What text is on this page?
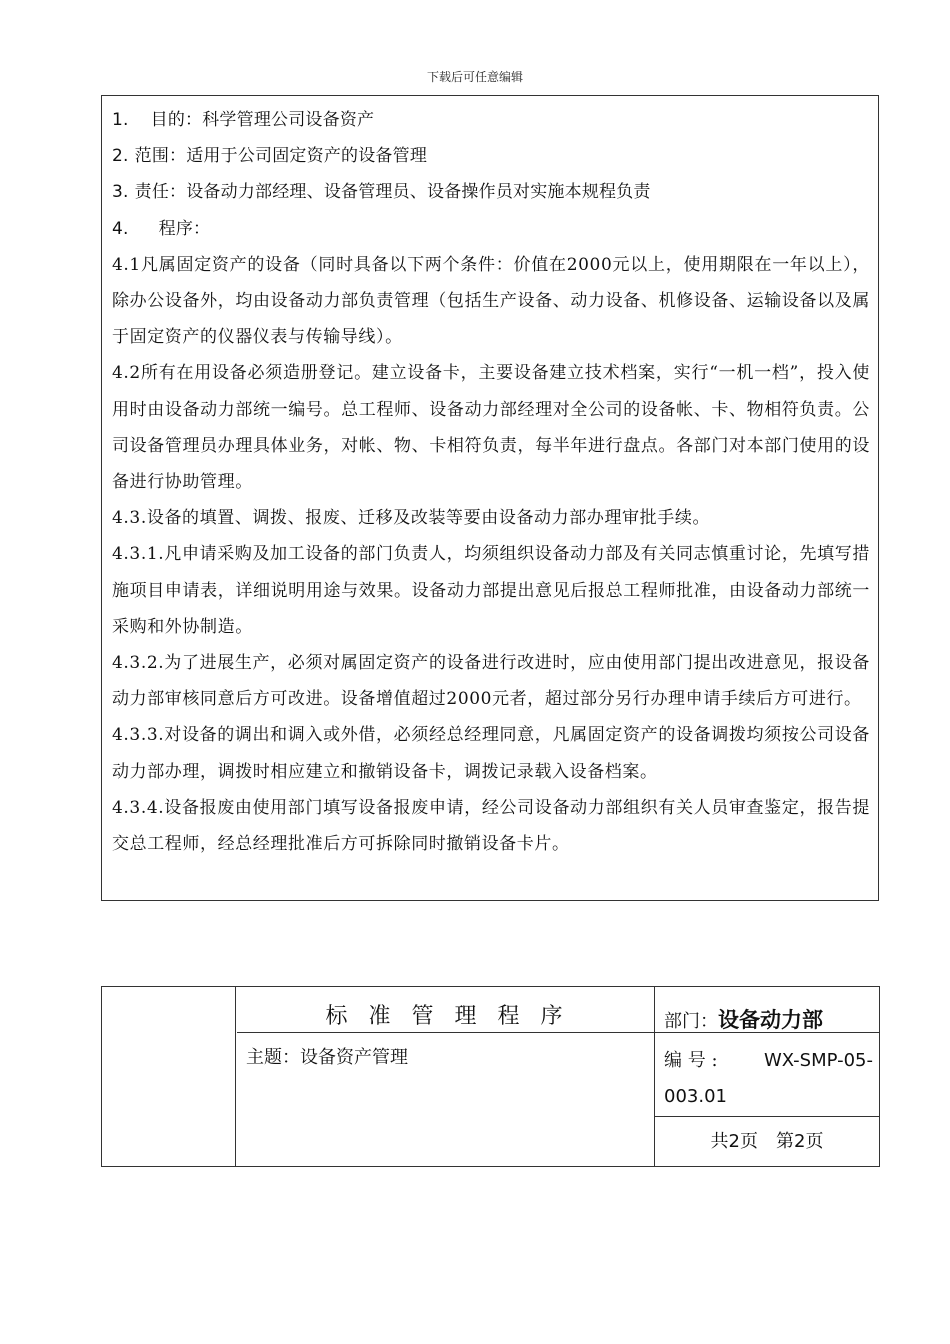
下载后可任意编辑
1. 目的：科学管理公司设备资产
2. 范围：适用于公司固定资产的设备管理
3. 责任：设备动力部经理、设备管理员、设备操作员对实施本规程负责
4. 程序：
4.1凡属固定资产的设备（同时具备以下两个条件：价值在2000元以上，使用期限在一年以上），除办公设备外，均由设备动力部负责管理（包括生产设备、动力设备、机修设备、运输设备以及属于固定资产的仪器仪表与传输导线）。
4.2所有在用设备必须造册登记。建立设备卡，主要设备建立技术档案，实行“一机一档”，投入使用时由设备动力部统一编号。总工程师、设备动力部经理对全公司的设备帐、卡、物相符负责。公司设备管理员办理具体业务，对帐、物、卡相符负责，每半年进行盘点。各部门对本部门使用的设备进行协助管理。
4.3.设备的填置、调拨、报废、迁移及改装等要由设备动力部办理审批手续。
4.3.1.凡申请采购及加工设备的部门负责人，均须组织设备动力部及有关同志慎重讨论，先填写措施项目申请表，详细说明用途与效果。设备动力部提出意见后报总工程师批准，由设备动力部统一采购和外协制造。
4.3.2.为了进展生产，必须对属固定资产的设备进行改进时，应由使用部门提出改进意见，报设备动力部审核同意后方可改进。设备增值超过2000元者，超过部分另行办理申请手续后方可进行。
4.3.3.对设备的调出和调入或外借，必须经总经理同意，凡属固定资产的设备调拨均须按公司设备动力部办理，调拨时相应建立和撤销设备卡，调拨记录载入设备档案。
4.3.4.设备报废由使用部门填写设备报废申请，经公司设备动力部组织有关人员审查鉴定，报告提交总工程师，经总经理批准后方可拆除同时撤销设备卡片。
标准管理程序
主题：设备资产管理
部门：设备动力部
编 号 :	WX-SMP-05-
003.01
共2页　第2页
